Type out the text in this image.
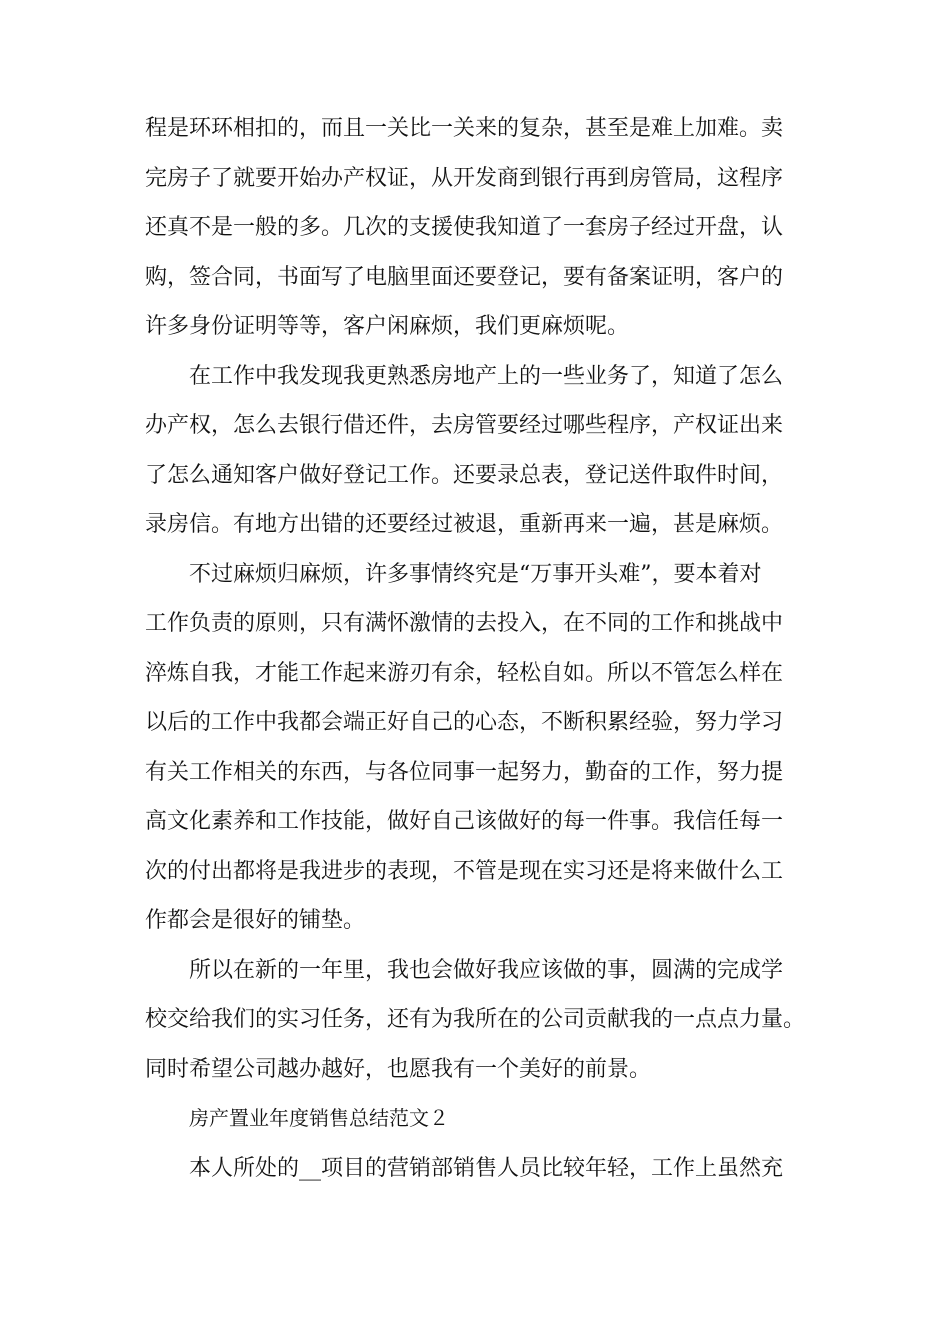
程是环环相扣的，而且一关比一关来的复杂，甚至是难上加难。卖
完房子了就要开始办产权证，从开发商到银行再到房管局，这程序
还真不是一般的多。几次的支援使我知道了一套房子经过开盘，认
购，签合同，书面写了电脑里面还要登记，要有备案证明，客户的
许多身份证明等等，客户闲麻烦，我们更麻烦呢。
在工作中我发现我更熟悉房地产上的一些业务了，知道了怎么
办产权，怎么去银行借还件，去房管要经过哪些程序，产权证出来
了怎么通知客户做好登记工作。还要录总表，登记送件取件时间，
录房信。有地方出错的还要经过被退，重新再来一遍，甚是麻烦。
不过麻烦归麻烦，许多事情终究是“万事开头难”，要本着对
工作负责的原则，只有满怀激情的去投入，在不同的工作和挑战中
淬炼自我，才能工作起来游刃有余，轻松自如。所以不管怎么样在
以后的工作中我都会端正好自己的心态，不断积累经验，努力学习
有关工作相关的东西，与各位同事一起努力，勤奋的工作，努力提
高文化素养和工作技能，做好自己该做好的每一件事。我信任每一
次的付出都将是我进步的表现，不管是现在实习还是将来做什么工
作都会是很好的铺垫。
所以在新的一年里，我也会做好我应该做的事，圆满的完成学
校交给我们的实习任务，还有为我所在的公司贡献我的一点点力量。
同时希望公司越办越好，也愿我有一个美好的前景。
房产置业年度销售总结范文２
本人所处的__项目的营销部销售人员比较年轻，工作上虽然充
